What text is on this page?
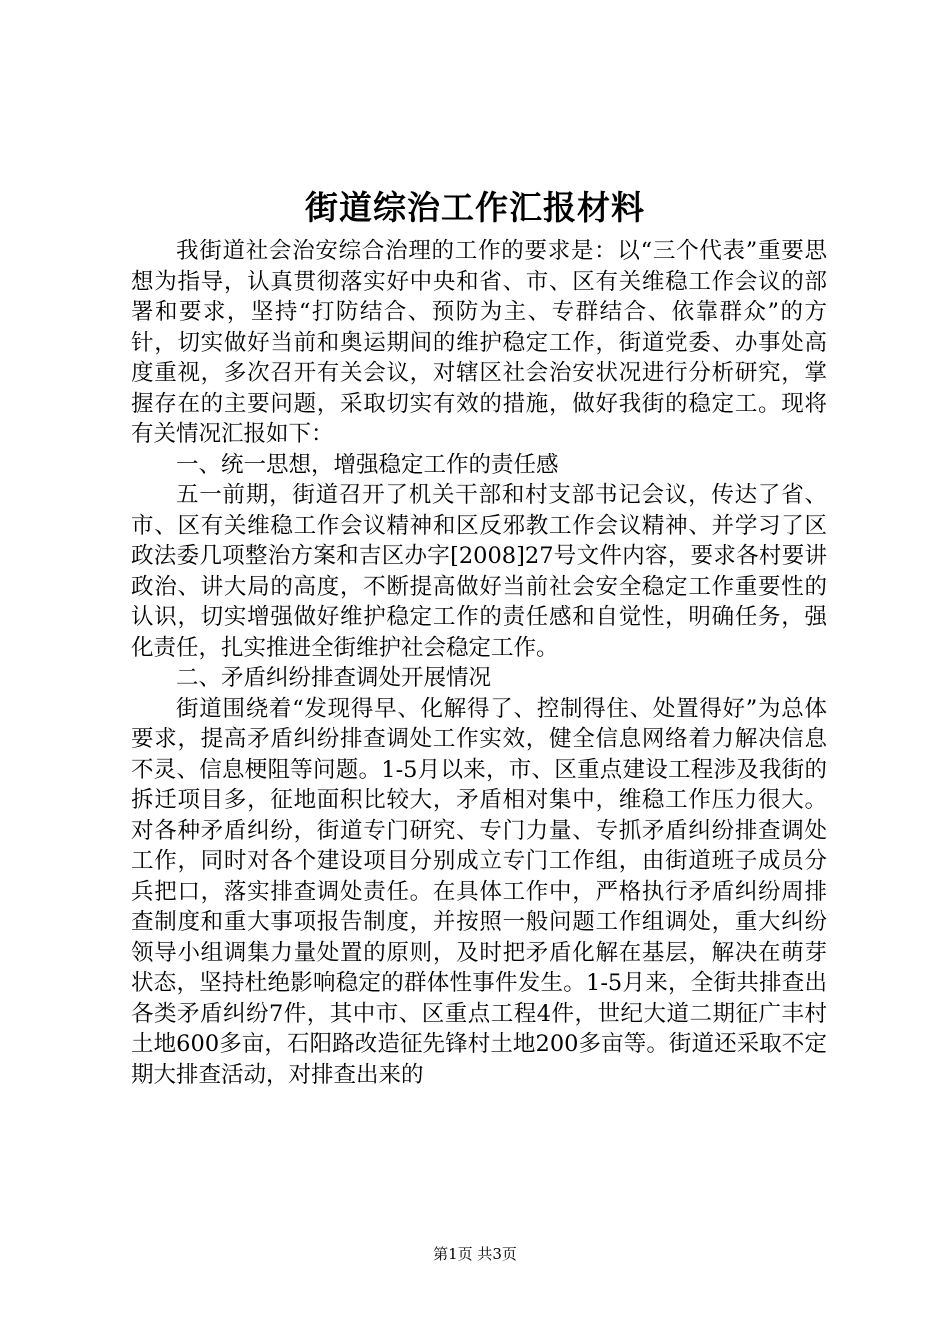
街道综治工作汇报材料

我街道社会治安综合治理的工作的要求是：以“三个代表”重要思想为指导，认真贯彻落实好中央和省、市、区有关维稳工作会议的部署和要求，坚持“打防结合、预防为主、专群结合、依靠群众”的方针，切实做好当前和奥运期间的维护稳定工作，街道党委、办事处高度重视，多次召开有关会议，对辖区社会治安状况进行分析研究，掌握存在的主要问题，采取切实有效的措施，做好我街的稳定工。现将有关情况汇报如下：

一、统一思想，增强稳定工作的责任感

五一前期，街道召开了机关干部和村支部书记会议，传达了省、市、区有关维稳工作会议精神和区反邪教工作会议精神、并学习了区政法委几项整治方案和吉区办字[2008]27号文件内容，要求各村要讲政治、讲大局的高度，不断提高做好当前社会安全稳定工作重要性的认识，切实增强做好维护稳定工作的责任感和自觉性，明确任务，强化责任，扎实推进全街维护社会稳定工作。

二、矛盾纠纷排查调处开展情况

街道围绕着“发现得早、化解得了、控制得住、处置得好”为总体要求，提高矛盾纠纷排查调处工作实效，健全信息网络着力解决信息不灵、信息梗阻等问题。1-5月以来，市、区重点建设工程涉及我街的拆迁项目多，征地面积比较大，矛盾相对集中，维稳工作压力很大。对各种矛盾纠纷，街道专门研究、专门力量、专抓矛盾纠纷排查调处工作，同时对各个建设项目分别成立专门工作组，由街道班子成员分兵把口，落实排查调处责任。在具体工作中，严格执行矛盾纠纷周排查制度和重大事项报告制度，并按照一般问题工作组调处，重大纠纷领导小组调集力量处置的原则，及时把矛盾化解在基层，解决在萌芽状态，坚持杜绝影响稳定的群体性事件发生。1-5月来，全街共排查出各类矛盾纠纷7件，其中市、区重点工程4件，世纪大道二期征广丰村土地600多亩，石阳路改造征先锋村土地200多亩等。街道还采取不定期大排查活动，对排查出来的

第1页 共3页
